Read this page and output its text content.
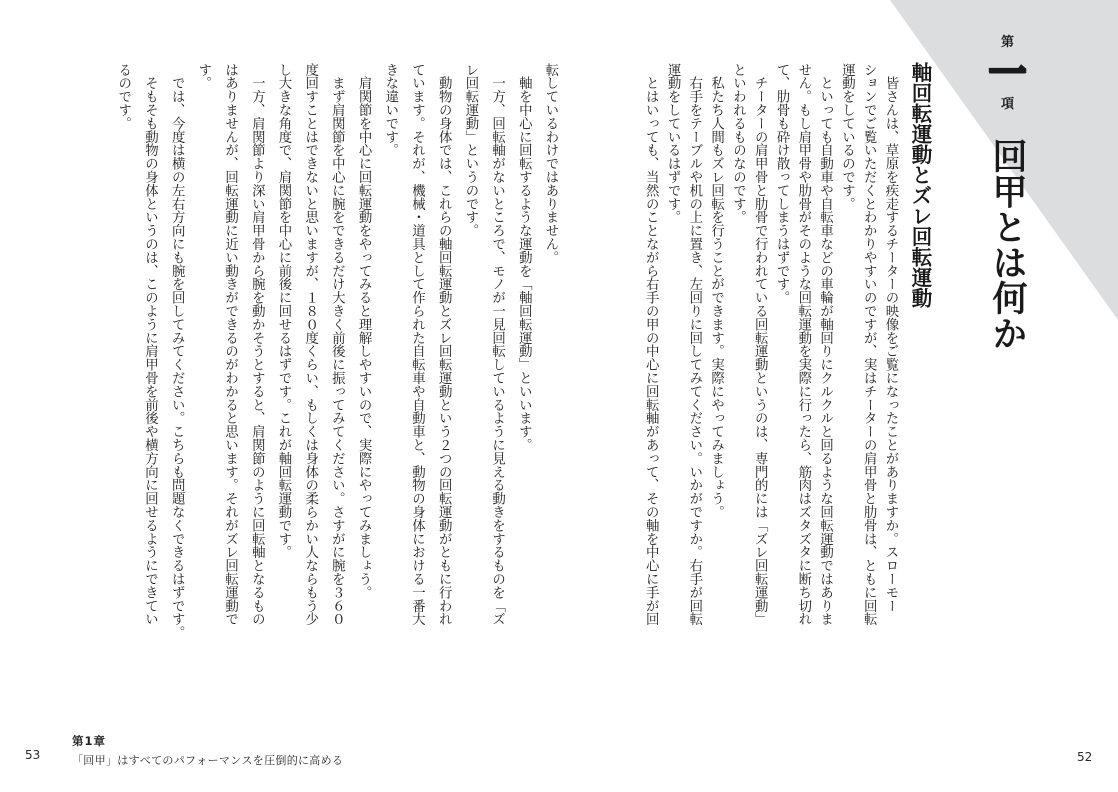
第
一
項
回甲とは何か
軸回転運動とズレ回転運動
　皆さんは、草原を疾走するチーターの映像をご覧になったことがありますか。スローモー
ションでご覧いただくとわかりやすいのですが、実はチーターの肩甲骨と肋骨は、ともに回転
運動をしているのです。
　といっても自動車や自転車などの車輪が軸回りにクルクルと回るような回転運動ではありま
せん。もし肩甲骨や肋骨がそのような回転運動を実際に行ったら、筋肉はズタズタに断ち切れ
て、肋骨も砕け散ってしまうはずです。
　チーターの肩甲骨と肋骨で行われている回転運動というのは、専門的には「ズレ回転運動」
といわれるものなのです。
　私たち人間もズレ回転を行うことができます。実際にやってみましょう。
　右手をテーブルや机の上に置き、左回りに回してみてください。いかがですか。右手が回転
運動をしているはずです。
　とはいっても、当然のことながら右手の甲の中心に回転軸があって、その軸を中心に手が回
転しているわけではありません。
　軸を中心に回転するような運動を「軸回転運動」といいます。
　一方、回転軸がないところで、モノが一見回転しているように見える動きをするものを「ズ
レ回転運動」というのです。
　動物の身体では、これらの軸回転運動とズレ回転運動という２つの回転運動がともに行われ
ています。それが、機械・道具として作られた自転車や自動車と、動物の身体における一番大
きな違いです。
　肩関節を中心に回転運動をやってみると理解しやすいので、実際にやってみましょう。
　まず肩関節を中心に腕をできるだけ大きく前後に振ってみてください。さすがに腕を３６０
度回すことはできないと思いますが、１８０度くらい、もしくは身体の柔らかい人ならもう少
し大きな角度で、肩関節を中心に前後に回せるはずです。これが軸回転運動です。
　一方、肩関節より深い肩甲骨から腕を動かそうとすると、肩関節のように回転軸となるもの
はありませんが、回転運動に近い動きができるのがわかると思います。それがズレ回転運動で
す。
　では、今度は横の左右方向にも腕を回してみてください。こちらも問題なくできるはずです。
　そもそも動物の身体というのは、このように肩甲骨を前後や横方向に回せるようにできてい
るのです。
第1章
「回甲」はすべてのパフォーマンスを圧倒的に高める
53	52
